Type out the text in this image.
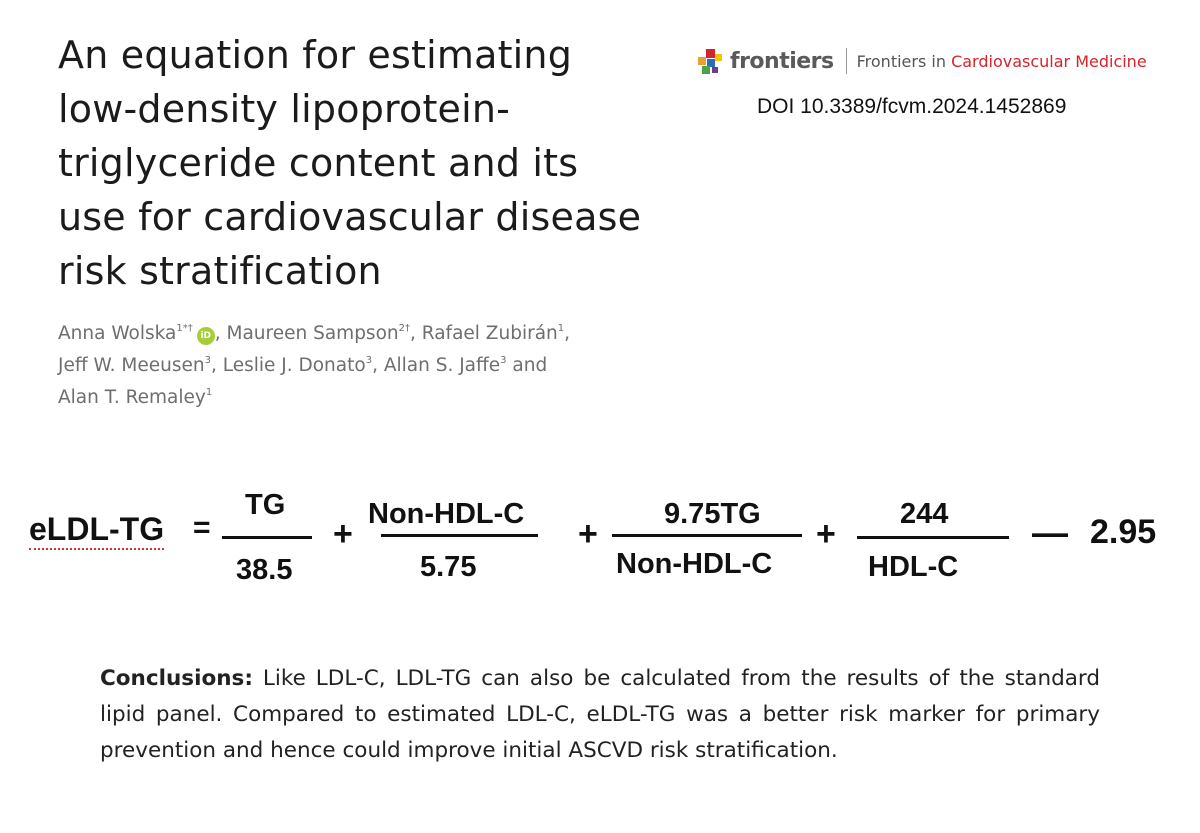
An equation for estimating
low-density lipoprotein-
triglyceride content and its
use for cardiovascular disease
risk stratification
frontiers Frontiers in Cardiovascular Medicine
DOI 10.3389/fcvm.2024.1452869
Anna Wolska$^{1*\dagger}$iD , Maureen Sampson$^{2\dagger}$, Rafael Zubirán$^1$,
Jeff W. Meeusen$^3$, Leslie J. Donato$^3$, Allan S. Jaffe$^3$ and
Alan T. Remaley$^1$
eLDL-TG =
TG
38.5
+
Non-HDL-C
5.75
+
9.75TG
Non-HDL-C
+
244
HDL-C
— 2.95

Conclusions: Like LDL-C, LDL-TG can also be calculated from the results of the standard lipid panel. Compared to estimated LDL-C, eLDL-TG was a better risk marker for primary prevention and hence could improve initial ASCVD risk stratification.
